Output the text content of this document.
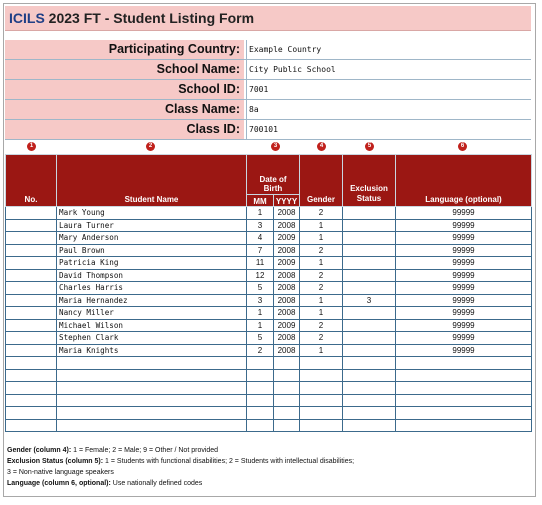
ICILS 2023 FT - Student Listing Form
Participating Country:	Example Country
School Name:	City Public School
School ID:	7001
Class Name:	8a
Class ID:	700101
1	2	3	4	5	6
No.	Student Name	Date of Birth		Gender	Exclusion Status	Language (optional)
		MM	YYYY			
	Mark Young	1	2008	2		99999
	Laura Turner	3	2008	1		99999
	Mary Anderson	4	2009	1		99999
	Paul Brown	7	2008	2		99999
	Patricia King	11	2009	1		99999
	David Thompson	12	2008	2		99999
	Charles Harris	5	2008	2		99999
	Maria Hernandez	3	2008	1	3	99999
	Nancy Miller	1	2008	1		99999
	Michael Wilson	1	2009	2		99999
	Stephen Clark	5	2008	2		99999
	Maria Knights	2	2008	1		99999

Gender (column 4): 1 = Female; 2 = Male; 9 = Other / Not provided
Exclusion Status (column 5): 1 = Students with functional disabilities; 2 = Students with intellectual disabilities;
3 = Non-native language speakers
Language (column 6, optional): Use nationally defined codes
